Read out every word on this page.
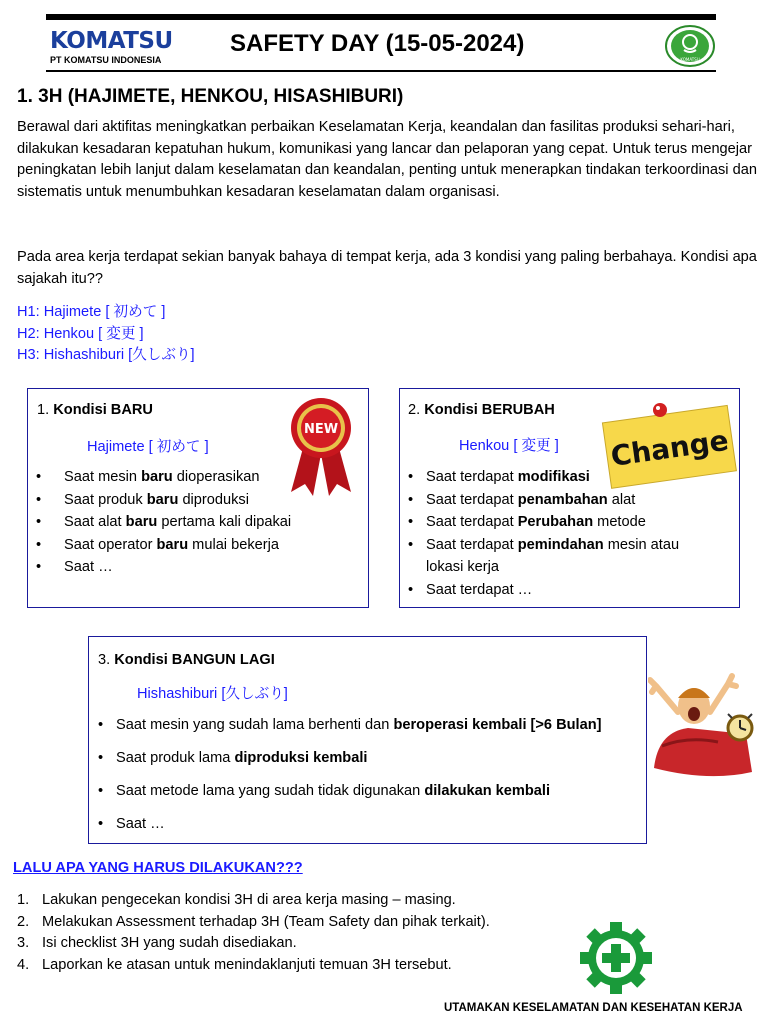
KOMATSU
PT KOMATSU INDONESIA
SAFETY DAY (15-05-2024)
KOMATSU
1. 3H (HAJIMETE, HENKOU, HISASHIBURI)
Berawal dari aktifitas meningkatkan perbaikan Keselamatan Kerja, keandalan dan fasilitas produksi sehari-hari, dilakukan kesadaran kepatuhan hukum, komunikasi yang lancar dan pelaporan yang cepat. Untuk terus mengejar peningkatan lebih lanjut dalam keselamatan dan keandalan, penting untuk menerapkan tindakan terkoordinasi dan sistematis untuk menumbuhkan kesadaran keselamatan dalam organisasi.
Pada area kerja terdapat sekian banyak bahaya di tempat kerja, ada 3 kondisi yang paling berbahaya. Kondisi apa sajakah itu??
H1: Hajimete [ 初めて ]
H2: Henkou [ 変更 ]
H3: Hishashiburi [久しぶり]
1. Kondisi BARU
Hajimete [ 初めて ]
• Saat mesin baru dioperasikan
• Saat produk baru diproduksi
• Saat alat baru pertama kali dipakai
• Saat operator baru mulai bekerja
• Saat …
NEW
2. Kondisi BERUBAH
Henkou [ 変更 ]
• Saat terdapat modifikasi
• Saat terdapat penambahan alat
• Saat terdapat Perubahan metode
• Saat terdapat pemindahan mesin atau lokasi kerja
• Saat terdapat …
Change
3. Kondisi BANGUN LAGI
Hishashiburi [久しぶり]
• Saat mesin yang sudah lama berhenti dan beroperasi kembali [>6 Bulan]
• Saat produk lama diproduksi kembali
• Saat metode lama yang sudah tidak digunakan dilakukan kembali
• Saat …
LALU APA YANG HARUS DILAKUKAN???
1. Lakukan pengecekan kondisi 3H di area kerja masing – masing.
2. Melakukan Assessment terhadap 3H (Team Safety dan pihak terkait).
3. Isi checklist 3H yang sudah disediakan.
4. Laporkan ke atasan untuk menindaklanjuti temuan 3H tersebut.
UTAMAKAN KESELAMATAN DAN KESEHATAN KERJA
